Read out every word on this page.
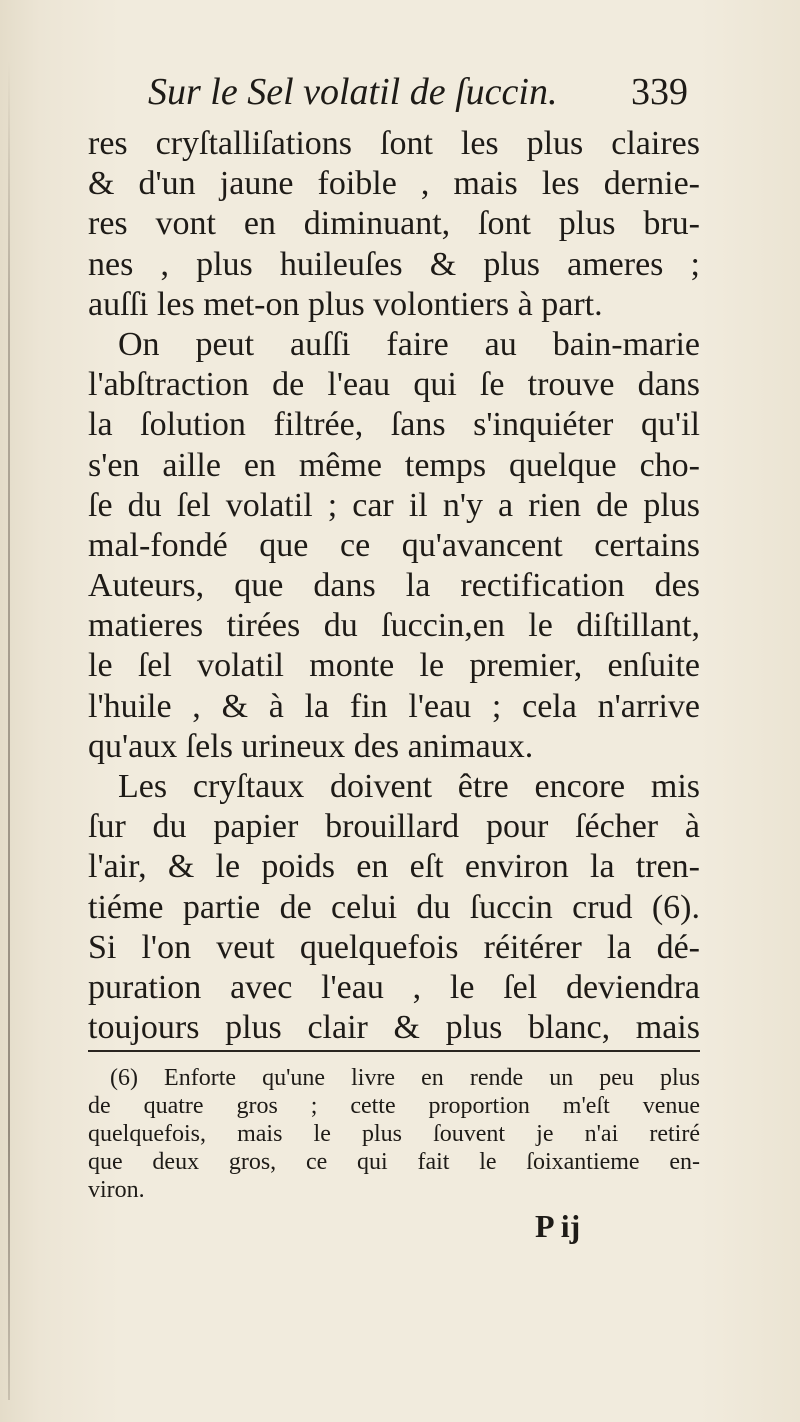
Sur le Sel volatil de ſuccin. 339
res cryſtalliſations ſont les plus claires
& d'un jaune foible , mais les dernie-
res vont en diminuant, ſont plus bru-
nes , plus huileuſes & plus ameres ;
auſſi les met-on plus volontiers à part.
On peut auſſi faire au bain-marie
l'abſtraction de l'eau qui ſe trouve dans
la ſolution filtrée, ſans s'inquiéter qu'il
s'en aille en même temps quelque cho-
ſe du ſel volatil ; car il n'y a rien de plus
mal-fondé que ce qu'avancent certains
Auteurs, que dans la rectification des
matieres tirées du ſuccin,en le diſtillant,
le ſel volatil monte le premier, enſuite
l'huile , & à la fin l'eau ; cela n'arrive
qu'aux ſels urineux des animaux.
Les cryſtaux doivent être encore mis
ſur du papier brouillard pour ſécher à
l'air, & le poids en eſt environ la tren-
tiéme partie de celui du ſuccin crud (6).
Si l'on veut quelquefois réitérer la dé-
puration avec l'eau , le ſel deviendra
toujours plus clair & plus blanc, mais
(6) Enforte qu'une livre en rende un peu plus
de quatre gros ; cette proportion m'eſt venue
quelquefois, mais le plus ſouvent je n'ai retiré
que deux gros, ce qui fait le ſoixantieme en-
viron.
P ij
